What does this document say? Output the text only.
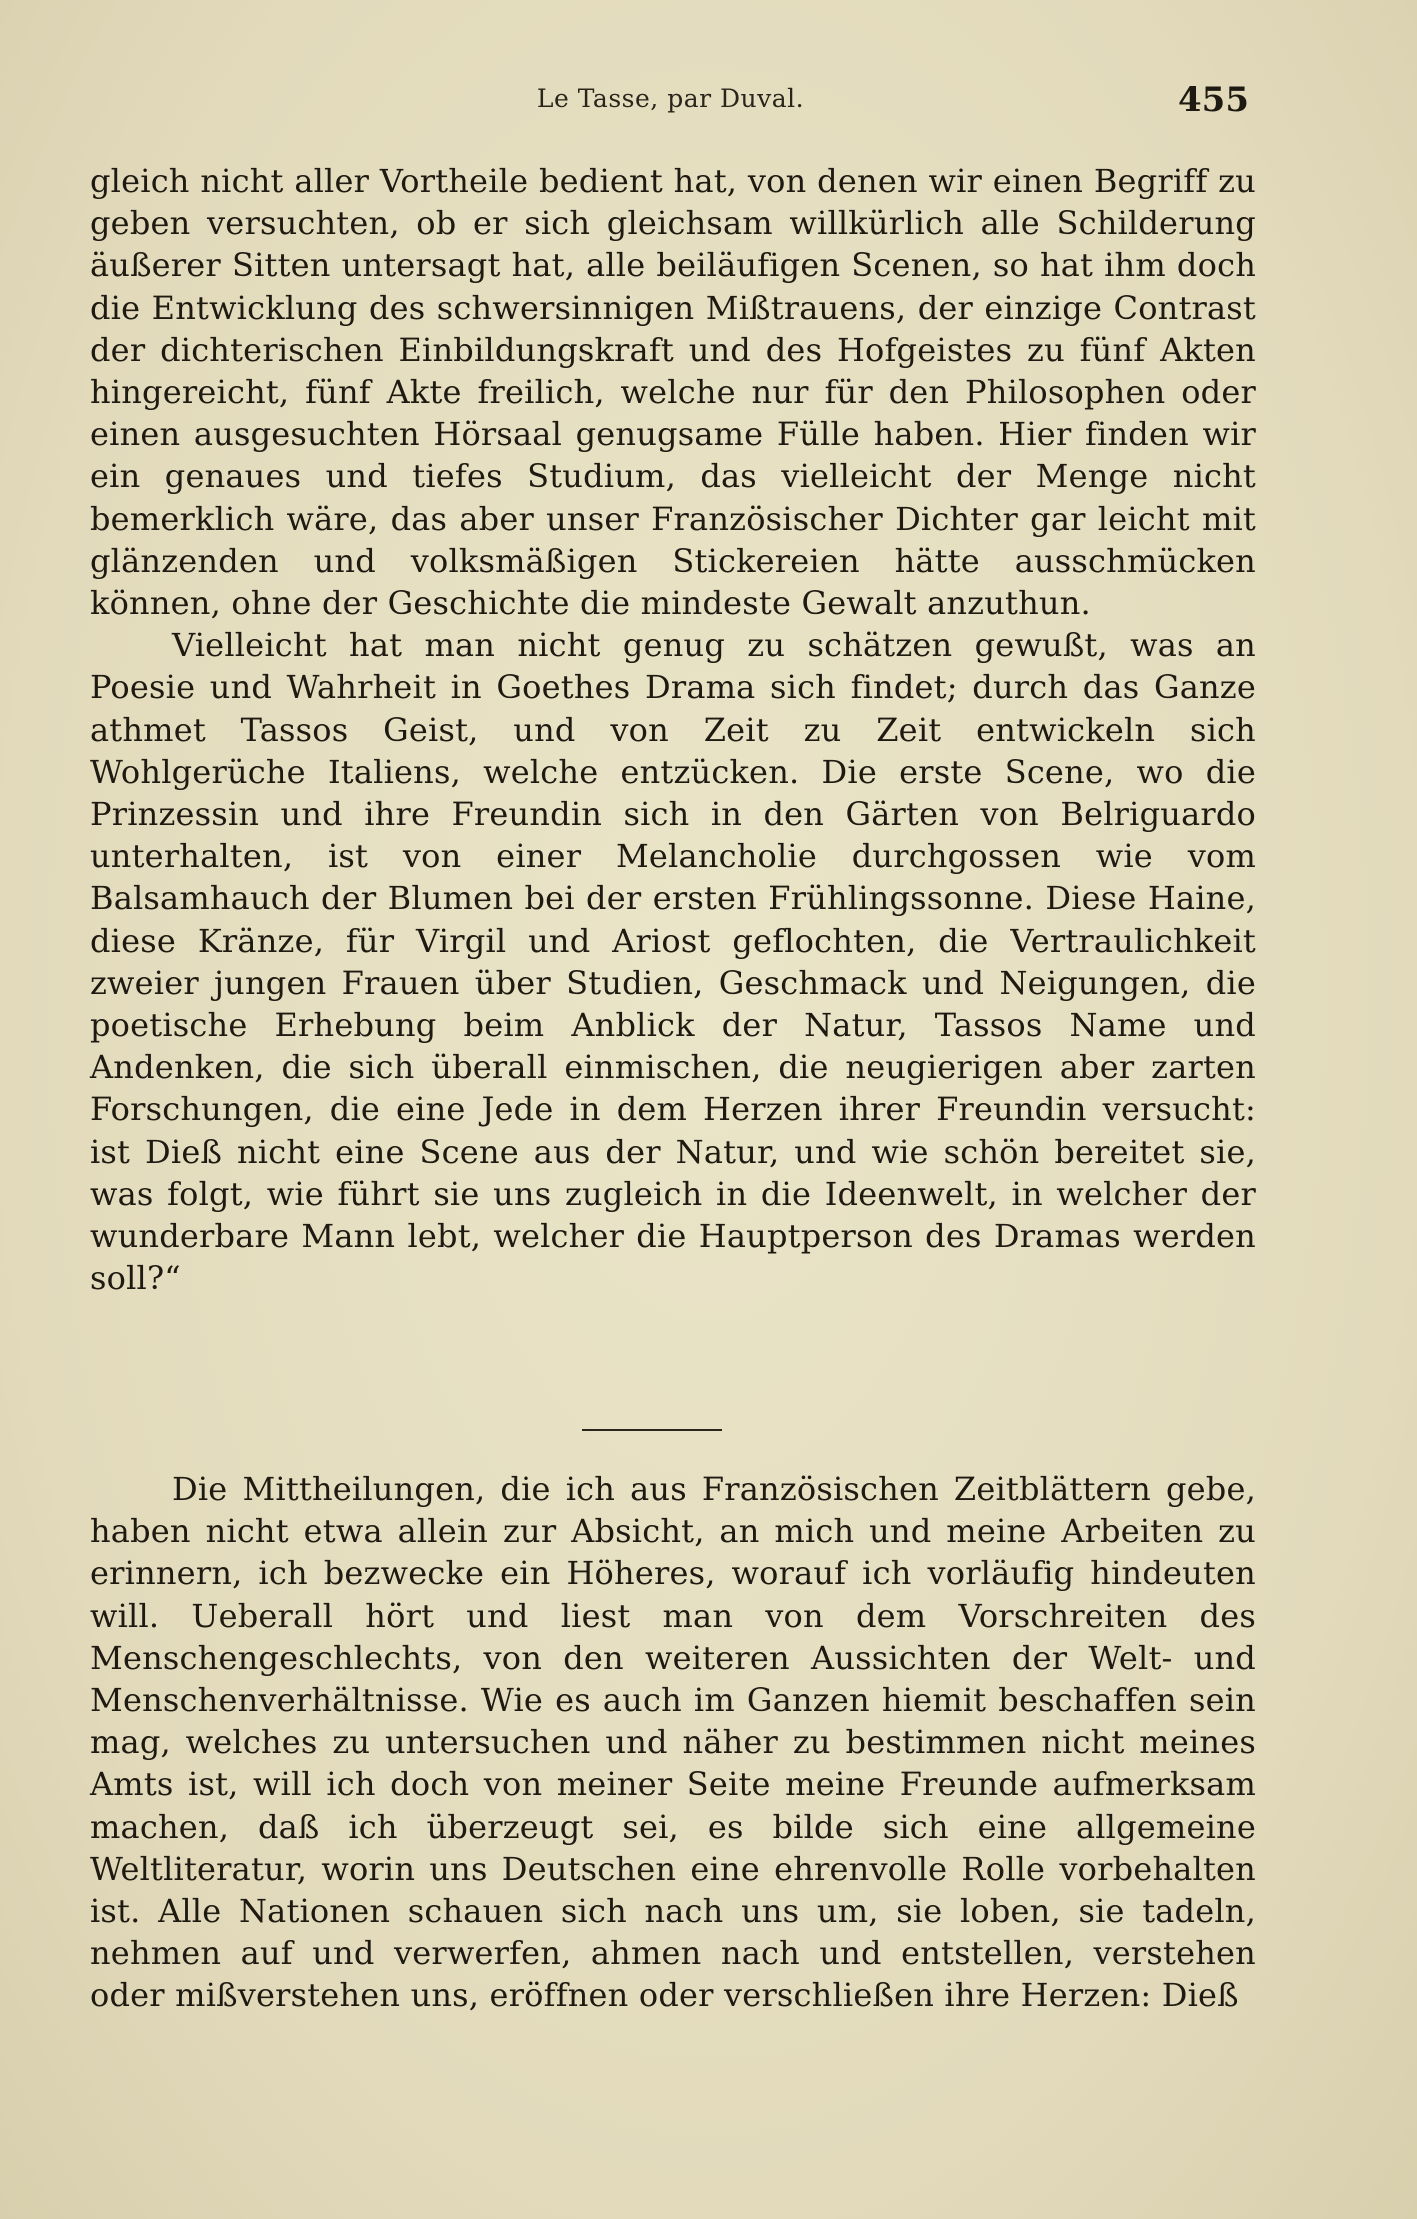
Le Tasse, par Duval.	455

gleich nicht aller Vortheile bedient hat, von denen wir einen Begriff zu geben versuchten, ob er sich gleichsam willkürlich alle Schilderung äußerer Sitten untersagt hat, alle beiläufigen Scenen, so hat ihm doch die Entwicklung des schwersinnigen Mißtrauens, der einzige Contrast der dichterischen Einbildungskraft und des Hofgeistes zu fünf Akten hingereicht, fünf Akte freilich, welche nur für den Philosophen oder einen ausgesuchten Hörsaal genugsame Fülle haben. Hier finden wir ein genaues und tiefes Studium, das vielleicht der Menge nicht bemerklich wäre, das aber unser Französischer Dichter gar leicht mit glänzenden und volksmäßigen Stickereien hätte ausschmücken können, ohne der Geschichte die mindeste Gewalt anzuthun.

Vielleicht hat man nicht genug zu schätzen gewußt, was an Poesie und Wahrheit in Goethes Drama sich findet; durch das Ganze athmet Tassos Geist, und von Zeit zu Zeit entwickeln sich Wohlgerüche Italiens, welche entzücken. Die erste Scene, wo die Prinzessin und ihre Freundin sich in den Gärten von Belriguardo unterhalten, ist von einer Melancholie durchgossen wie vom Balsamhauch der Blumen bei der ersten Frühlingssonne. Diese Haine, diese Kränze, für Virgil und Ariost geflochten, die Vertraulichkeit zweier jungen Frauen über Studien, Geschmack und Neigungen, die poetische Erhebung beim Anblick der Natur, Tassos Name und Andenken, die sich überall einmischen, die neugierigen aber zarten Forschungen, die eine Jede in dem Herzen ihrer Freundin versucht: ist Dieß nicht eine Scene aus der Natur, und wie schön bereitet sie, was folgt, wie führt sie uns zugleich in die Ideenwelt, in welcher der wunderbare Mann lebt, welcher die Hauptperson des Dramas werden soll?“

Die Mittheilungen, die ich aus Französischen Zeitblättern gebe, haben nicht etwa allein zur Absicht, an mich und meine Arbeiten zu erinnern, ich bezwecke ein Höheres, worauf ich vorläufig hindeuten will. Ueberall hört und liest man von dem Vorschreiten des Menschengeschlechts, von den weiteren Aussichten der Welt- und Menschenverhältnisse. Wie es auch im Ganzen hiemit beschaffen sein mag, welches zu untersuchen und näher zu bestimmen nicht meines Amts ist, will ich doch von meiner Seite meine Freunde aufmerksam machen, daß ich überzeugt sei, es bilde sich eine allgemeine Weltliteratur, worin uns Deutschen eine ehrenvolle Rolle vorbehalten ist. Alle Nationen schauen sich nach uns um, sie loben, sie tadeln, nehmen auf und verwerfen, ahmen nach und entstellen, verstehen oder mißverstehen uns, eröffnen oder verschließen ihre Herzen: Dieß
